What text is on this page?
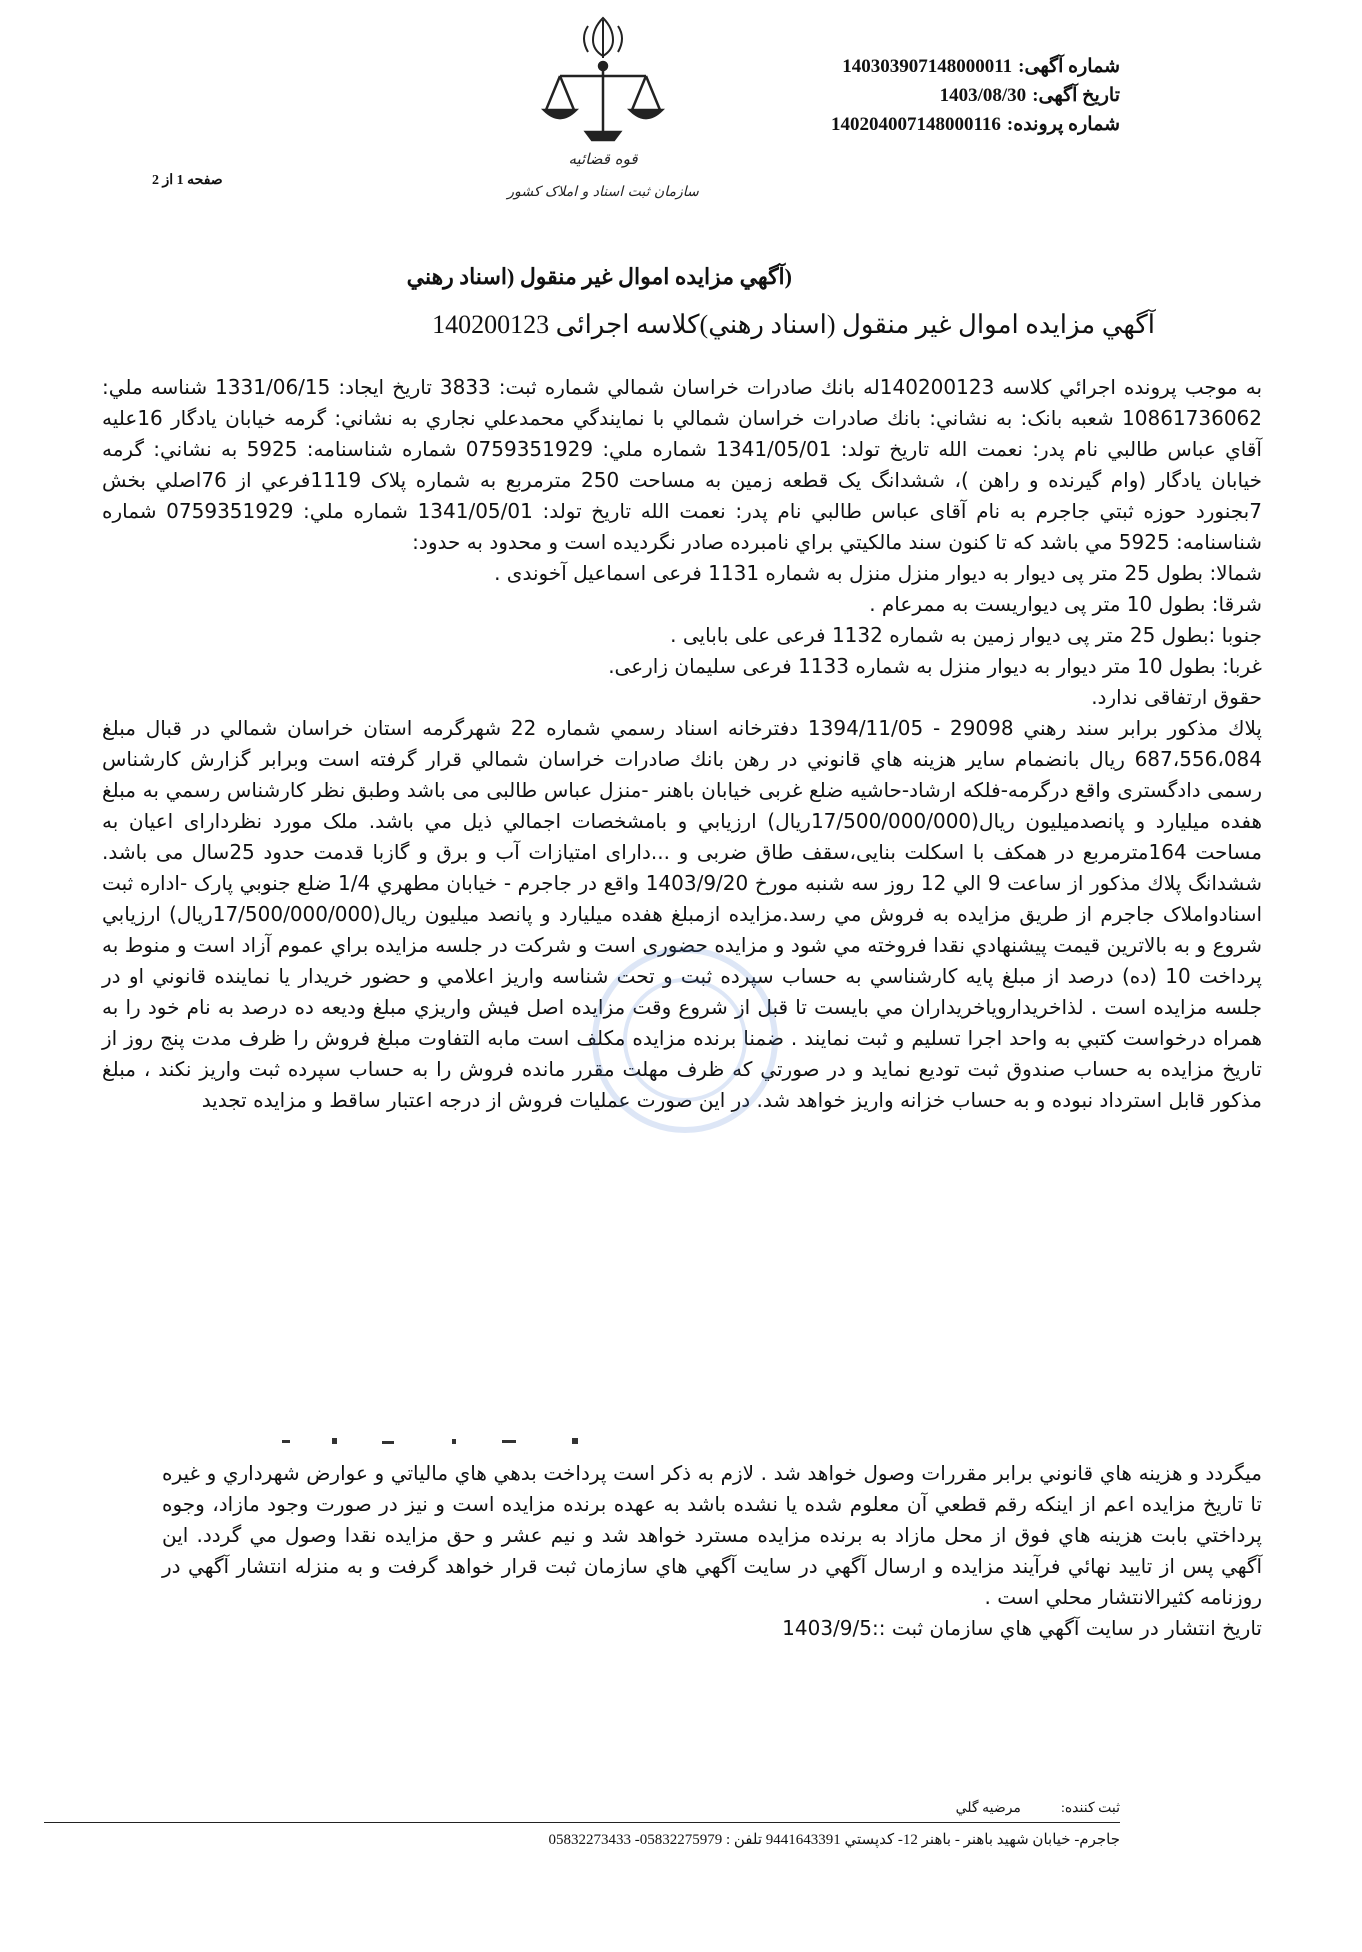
شماره آگهی:140303907148000011
تاریخ آگهی:1403/08/30
شماره پرونده:140204007148000116
صفحه 1 از 2
قوه قضائیه
سازمان ثبت اسناد و املاک کشور
(آگهي مزايده اموال غير منقول (اسناد رهني
آگهي مزايده اموال غير منقول (اسناد رهني)كلاسه اجرائی 140200123

به موجب پرونده اجرائي كلاسه 140200123له بانك صادرات خراسان شمالي شماره ثبت: 3833 تاريخ ايجاد: 1331/06/15 شناسه ملي: 10861736062 شعبه بانک: به نشاني: بانك صادرات خراسان شمالي با نمايندگي محمدعلي نجاري به نشاني: گرمه خيابان يادگار 16عليه آقاي عباس طالبي نام پدر: نعمت الله تاريخ تولد: 1341/05/01 شماره ملي: 0759351929 شماره شناسنامه: 5925 به نشاني: گرمه خيابان يادگار (وام گيرنده و راهن )، ششدانگ يک قطعه زمين به مساحت 250 مترمربع به شماره پلاک 1119فرعي از 76اصلي بخش 7بجنورد حوزه ثبتي جاجرم به نام آقای عباس طالبي نام پدر: نعمت الله تاريخ تولد: 1341/05/01 شماره ملي: 0759351929 شماره شناسنامه: 5925 مي باشد كه تا كنون سند مالكيتي براي نامبرده صادر نگرديده است و محدود به حدود:

شمالا: بطول 25 متر پی ديوار به ديوار منزل منزل به شماره 1131 فرعی اسماعيل آخوندی .

شرقا: بطول 10 متر پی ديواريست به ممرعام .

جنوبا :بطول 25 متر پی ديوار زمين به شماره 1132 فرعی علی بابايی .

غربا: بطول 10 متر ديوار به ديوار منزل به شماره 1133 فرعی سليمان زارعی.

حقوق ارتفاقی ندارد.

پلاك مذكور برابر سند رهني 29098 - 1394/11/05 دفترخانه اسناد رسمي شماره 22 شهرگرمه استان خراسان شمالي در قبال مبلغ 687،556،084 ريال بانضمام ساير هزينه هاي قانوني در رهن بانك صادرات خراسان شمالي قرار گرفته است وبرابر گزارش کارشناس رسمی دادگستری واقع درگرمه-فلکه ارشاد-حاشیه ضلع غربی خیابان باهنر -منزل عباس طالبی می باشد وطبق نظر كارشناس رسمي به مبلغ هفده میلیارد و پانصدمیلیون ریال(17/500/000/000ريال) ارزيابي و بامشخصات اجمالي ذيل مي باشد. ملک مورد نظردارای اعیان به مساحت 164مترمربع در همکف با اسکلت بنایی،سقف طاق ضربی و ...دارای امتیازات آب و برق و گازبا قدمت حدود 25سال می باشد. ششدانگ پلاك مذكور از ساعت 9 الي 12 روز سه شنبه مورخ 1403/9/20 واقع در جاجرم - خيابان مطهري 1/4 ضلع جنوبي پارک -اداره ثبت اسنادواملاک جاجرم از طريق مزايده به فروش مي رسد.مزايده ازمبلغ هفده میلیارد و پانصد میلیون ریال(17/500/000/000ريال) ارزيابي شروع و به بالاترين قيمت پيشنهادي نقدا فروخته مي شود و مزایده حضوری است و شركت در جلسه مزايده براي عموم آزاد است و منوط به پرداخت 10 (ده) درصد از مبلغ پايه كارشناسي به حساب سپرده ثبت و تحت شناسه واريز اعلامي و حضور خريدار يا نماينده قانوني او در جلسه مزايده است . لذاخريداروياخريداران مي بايست تا قبل از شروع وقت مزايده اصل فيش واريزي مبلغ وديعه ده درصد به نام خود را به همراه درخواست كتبي به واحد اجرا تسليم و ثبت نمايند . ضمنا برنده مزايده مكلف است مابه التفاوت مبلغ فروش را ظرف مدت پنج روز از تاريخ مزايده به حساب صندوق ثبت توديع نمايد و در صورتي كه ظرف مهلت مقرر مانده فروش را به حساب سپرده ثبت واريز نكند ، مبلغ مذكور قابل استرداد نبوده و به حساب خزانه واريز خواهد شد. در اين صورت عمليات فروش از درجه اعتبار ساقط و مزايده تجديد

ميگردد و هزينه هاي قانوني برابر مقررات وصول خواهد شد . لازم به ذكر است پرداخت بدهي هاي مالياتي و عوارض شهرداري و غيره تا تاريخ مزايده اعم از اينكه رقم قطعي آن معلوم شده يا نشده باشد به عهده برنده مزايده است و نيز در صورت وجود مازاد، وجوه پرداختي بابت هزينه هاي فوق از محل مازاد به برنده مزايده مسترد خواهد شد و نيم عشر و حق مزايده نقدا وصول مي گردد. اين آگهي پس از تاييد نهائي فرآيند مزايده و ارسال آگهي در سايت آگهي هاي سازمان ثبت قرار خواهد گرفت و به منزله انتشار آگهي در روزنامه كثيرالانتشار محلي است .

تاريخ انتشار در سايت آگهي هاي سازمان ثبت ::1403/9/5

ثبت كننده:مرضيه گلي
جاجرم- خيابان شهيد باهنر - باهنر 12- كدپستي 9441643391 تلفن : 05832275979- 05832273433
